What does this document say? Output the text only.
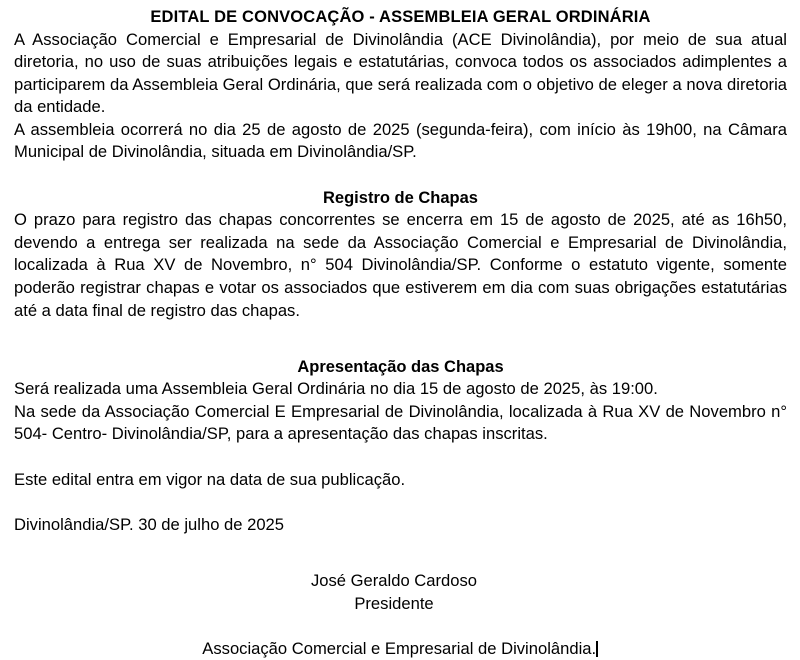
EDITAL DE CONVOCAÇÃO - ASSEMBLEIA GERAL ORDINÁRIA

A Associação Comercial e Empresarial de Divinolândia (ACE Divinolândia), por meio de sua atual diretoria, no uso de suas atribuições legais e estatutárias, convoca todos os associados adimplentes a participarem da Assembleia Geral Ordinária, que será realizada com o objetivo de eleger a nova diretoria da entidade.

A assembleia ocorrerá no dia 25 de agosto de 2025 (segunda-feira), com início às 19h00, na Câmara Municipal de Divinolândia, situada em Divinolândia/SP.

Registro de Chapas

O prazo para registro das chapas concorrentes se encerra em 15 de agosto de 2025, até as 16h50, devendo a entrega ser realizada na sede da Associação Comercial e Empresarial de Divinolândia, localizada à Rua XV de Novembro, n° 504 Divinolândia/SP. Conforme o estatuto vigente, somente poderão registrar chapas e votar os associados que estiverem em dia com suas obrigações estatutárias até a data final de registro das chapas.

Apresentação das Chapas

Será realizada uma Assembleia Geral Ordinária no dia 15 de agosto de 2025, às 19:00.

Na sede da Associação Comercial E Empresarial de Divinolândia, localizada à Rua XV de Novembro n° 504- Centro- Divinolândia/SP, para a apresentação das chapas inscritas.

Este edital entra em vigor na data de sua publicação.

Divinolândia/SP. 30 de julho de 2025

José Geraldo Cardoso

Presidente

Associação Comercial e Empresarial de Divinolândia.
